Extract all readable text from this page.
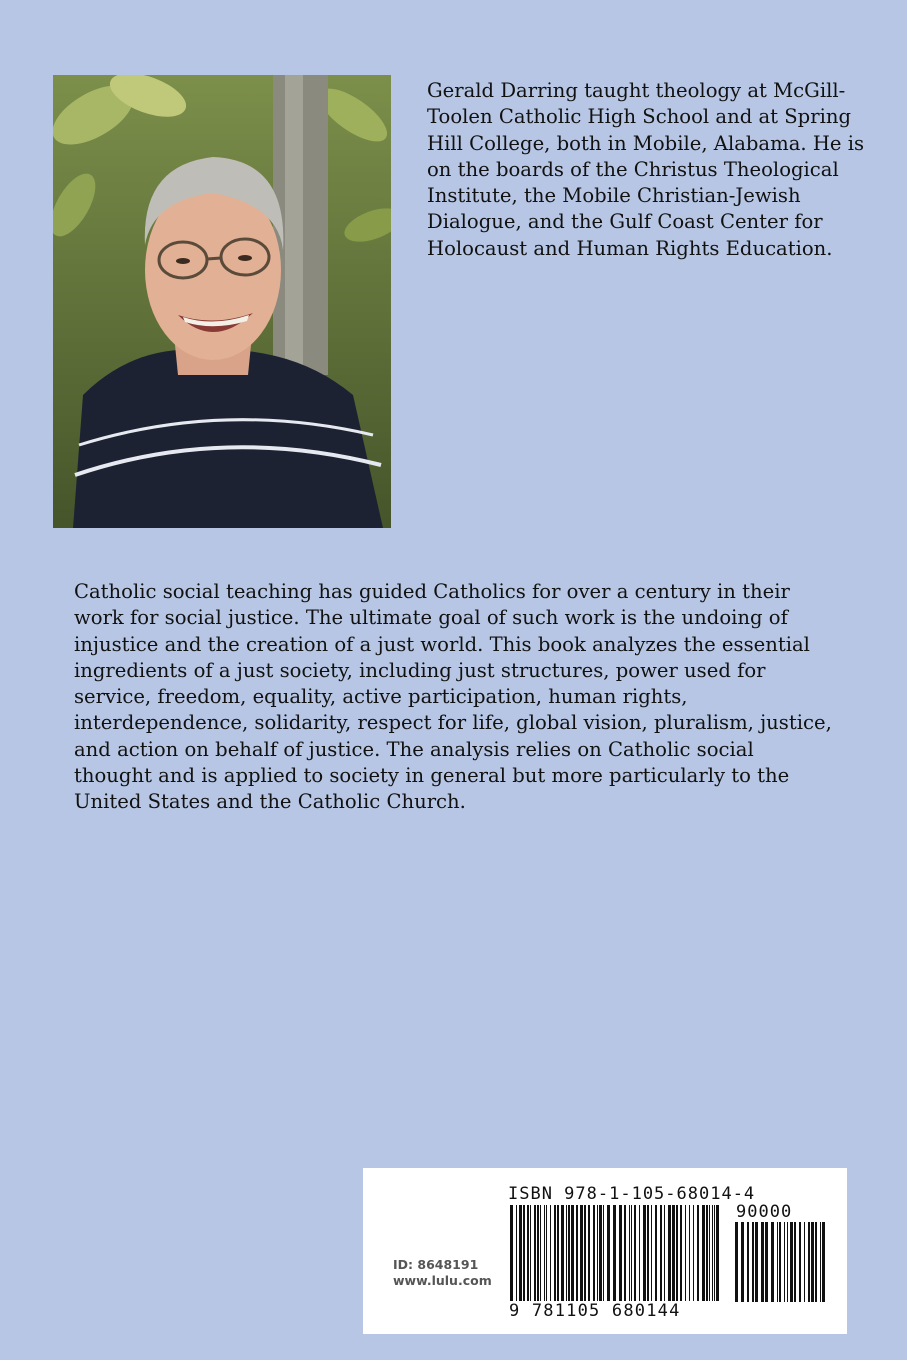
Gerald Darring taught theology at McGill-Toolen Catholic High School and at Spring Hill College, both in Mobile, Alabama. He is on the boards of the Christus Theological Institute, the Mobile Christian-Jewish Dialogue, and the Gulf Coast Center for Holocaust and Human Rights Education.

Catholic social teaching has guided Catholics for over a century in their work for social justice. The ultimate goal of such work is the undoing of injustice and the creation of a just world. This book analyzes the essential ingredients of a just society, including just structures, power used for service, freedom, equality, active participation, human rights, interdependence, solidarity, respect for life, global vision, pluralism, justice, and action on behalf of justice. The analysis relies on Catholic social thought and is applied to society in general but more particularly to the United States and the Catholic Church.

ISBN 978-1-105-68014-4
90000
9 781105 680144
ID: 8648191
www.lulu.com
